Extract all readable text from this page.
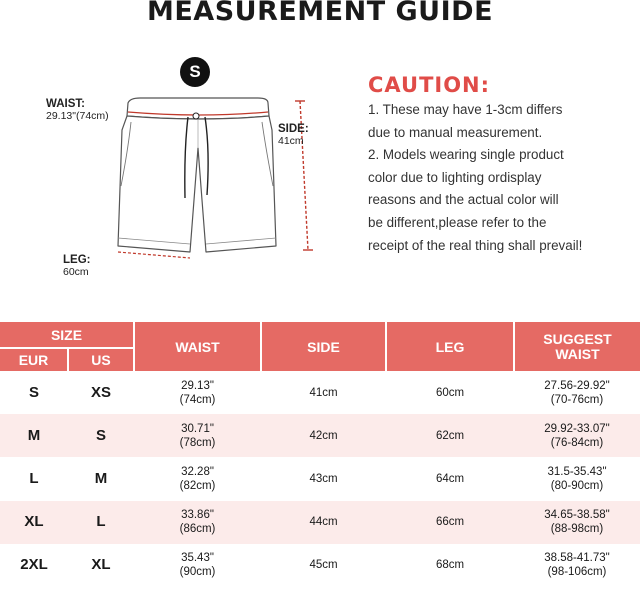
MEASUREMENT GUIDE
S
WAIST:
29.13"(74cm)
SIDE:
41cm
LEG:
60cm
CAUTION:

1. These may have 1-3cm differs

due to manual measurement.

2. Models wearing single product

color due to lighting ordisplay

reasons and the actual color will

be different,please refer to the

receipt of the real thing shall prevail!

SIZE		WAIST	SIDE	LEG	SUGGEST
WAIST
EUR	US				
S	XS	29.13"
(74cm)	41cm	60cm	27.56-29.92"
(70-76cm)
M	S	30.71"
(78cm)	42cm	62cm	29.92-33.07"
(76-84cm)
L	M	32.28"
(82cm)	43cm	64cm	31.5-35.43"
(80-90cm)
XL	L	33.86"
(86cm)	44cm	66cm	34.65-38.58"
(88-98cm)
2XL	XL	35.43"
(90cm)	45cm	68cm	38.58-41.73"
(98-106cm)
